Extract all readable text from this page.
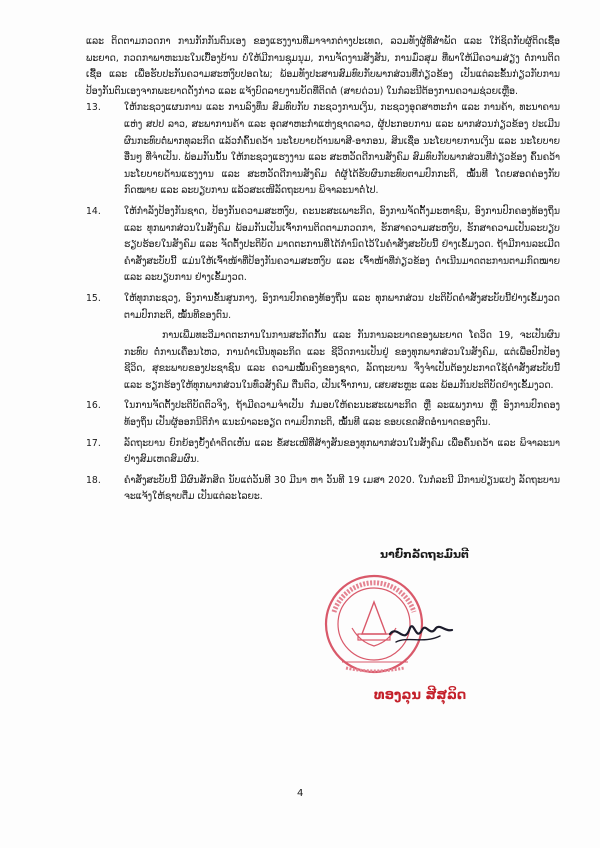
ແລະ ຕິດຕາມກວດກາ ການກັກກັນຕົນເອງ ຂອງແຮງງານທີ່ມາຈາກຕ່າງປະເທດ, ລວມທັງຜູ້ທີ່ສໍາພັດ ແລະ ໃກ້ຊິດກັບຜູ້ຕິດເຊື້ອພະຍາດ, ກວດກາພາຫະນະໃນເບື້ອງບ້ານ ບໍ່ໃຫ້ມີການຊຸມນຸມ, ການຈັດງານສັງສັນ, ການມົ່ວສຸມ ທີ່ພາໃຫ້ມີຄວາມສ່ຽງ ຕໍ່ການຕິດເຊື້ອ ແລະ ເພື່ອຮັບປະກັນຄວາມສະຫງົບປອດໄພ; ພ້ອມທັງປະສານສົມທົບກັບພາກສ່ວນທີ່ກ່ຽວຂ້ອງ ເປັນແຕ່ລະຂັ້ນກ່ຽວກັບການປ້ອງກັນຕົນເອງຈາກພະຍາດດັ່ງກ່າວ ແລະ ແຈ້ງບົດລາຍງານບັດທີ່ຕິດຕໍ່ (ສາຍດ່ວນ) ໃນກໍລະນີຕ້ອງການຄວາມຊ່ວຍເຫຼືອ.

13. ໃຫ້ກະຊວງແຜນການ ແລະ ການລົງທຶນ ສົມທົບກັບ ກະຊວງການເງິນ, ກະຊວງອຸດສາຫະກໍາ ແລະ ການຄ້າ, ທະນາຄານແຫ່ງ ສປປ ລາວ, ສະພາການຄ້າ ແລະ ອຸດສາຫະກໍາແຫ່ງຊາດລາວ, ຜູ້ປະກອບການ ແລະ ພາກສ່ວນກ່ຽວຂ້ອງ ປະເມີນຜົນກະທົບຕໍ່ພາກທຸລະກິດ ແລ້ວກໍ່ຄົ້ນຄວ້າ ນະໂຍບາຍດ້ານພາສີ-ອາກອນ, ສິນເຊື່ອ ນະໂຍບາຍການເງິນ ແລະ ນະໂຍບາຍອື່ນໆ ທີ່ຈໍາເປັນ. ພ້ອມກັນນັ້ນ ໃຫ້ກະຊວງແຮງງານ ແລະ ສະຫວັດດີການສັງຄົມ ສົມທົບກັບພາກສ່ວນທີ່ກ່ຽວຂ້ອງ ຄົ້ນຄວ້ານະໂຍບາຍດ້ານແຮງງານ ແລະ ສະຫວັດດີການສັງຄົມ ຕໍ່ຜູ້ໄດ້ຮັບຜົນກະທົບຕາມປົກກະຕິ, ໝັ້ນທີ ໂດຍສອດຄ່ອງກັບກົດໝາຍ ແລະ ລະບຽບການ ແລ້ວສະເໜີລັດຖະບານ ພິຈາລະນາຕໍ່ໄປ.
14. ໃຫ້ກໍາລັງປ້ອງກັນຊາດ, ປ້ອງກັນຄວາມສະຫງົບ, ຄະນະສະເພາະກິດ, ອົງການຈັດຕັ້ງມະຫາຊົນ, ອົງການປົກຄອງທ້ອງຖິ່ນ ແລະ ທຸກພາກສ່ວນໃນສັງຄົມ ພ້ອມກັນເປັນເຈົ້າການຕິດຕາມກວດກາ, ຮັກສາຄວາມສະຫງົບ, ຮັກສາຄວາມເປັນລະບຽບຮຽບຮ້ອຍໃນສັງຄົມ ແລະ ຈັດຕັ້ງປະຕິບັດ ມາດຕະການທີ່ໄດ້ກໍານົດໄວ້ໃນຄໍາສັ່ງສະບັບນີ້ ຢ່າງເຂັ້ມງວດ. ຖ້າມີການລະເມີດ ຄໍາສັ່ງສະບັບນີ້ ແມ່ນໃຫ້ເຈົ້າໜ້າທີ່ປ້ອງກັນຄວາມສະຫງົບ ແລະ ເຈົ້າໜ້າທີ່ກ່ຽວຂ້ອງ ດໍາເນີນມາດຕະການຕາມກົດໝາຍ ແລະ ລະບຽບການ ຢ່າງເຂັ້ມງວດ.
15. ໃຫ້ທຸກກະຊວງ, ອົງການຂັ້ນສູນກາງ, ອົງການປົກຄອງທ້ອງຖິ່ນ ແລະ ທຸກພາກສ່ວນ ປະຕິບັດຄໍາສັ່ງສະບັບນີ້ຢ່າງເຂັ້ມງວດ ຕາມປົກກະຕິ, ໝັ້ນທີຂອງຕົນ.

ການເພີ່ມທະວີມາດຕະການໃນການສະກັດກັ້ນ ແລະ ກັນການລະບາດຂອງພະຍາດ ໂຄວິດ 19, ຈະເປັນຜົນກະທົບ ຕໍ່ການເຄື່ອນໄຫວ, ການດໍາເນີນທຸລະກິດ ແລະ ຊີວິດການເປັນຢູ່ ຂອງທຸກພາກສ່ວນໃນສັງຄົມ, ແຕ່ເພື່ອປົກປ້ອງຊີວິດ, ສຸຂະພາບຂອງປະຊາຊົນ ແລະ ຄວາມໝັ້ນຄົງຂອງຊາດ, ລັດຖະບານ ຈຶ່ງຈໍາເປັນຕ້ອງປະກາດໃຊ້ຄໍາສັ່ງສະບັບນີ້ ແລະ ຮຽກຮ້ອງໃຫ້ທຸກພາກສ່ວນໃນທົ່ວສັງຄົມ ຕື່ນຕົວ, ເປັນເຈົ້າການ, ເສຍສະຫຼະ ແລະ ພ້ອມກັນປະຕິບັດຢ່າງເຂັ້ມງວດ.

16. ໃນການຈັດຕັ້ງປະຕິບັດຕົວຈິງ, ຖ້າມີຄວາມຈໍາເປັນ ກໍ່ມອບໃຫ້ຄະນະສະເພາະກິດ ຫຼື ລະແພງການ ຫຼື ອົງການປົກຄອງທ້ອງຖິ່ນ ເປັນຜູ້ອອກນິຕິກໍາ ແນະນໍາລະອຽດ ຕາມປົກກະຕິ, ໝັ້ນທີ ແລະ ຂອບເຂດສິດອໍານາດຂອງຕົນ.
17. ລັດຖະບານ ຍົກຍ້ອງຍັ້ງຄໍາຕິດເຫັນ ແລະ ຂໍ້ສະເໜີທີ່ສ້າງສັນຂອງທຸກພາກສ່ວນໃນສັງຄົມ ເພື່ອຄົ້ນຄວ້າ ແລະ ພິຈາລະນາ ຢ່າງສົມເຫດສົມຜົນ.
18. ຄໍາສັ່ງສະບັບນີ້ ມີຜົນສັກສິດ ນັບແຕ່ວັນທີ 30 ມີນາ ຫາ ວັນທີ 19 ເມສາ 2020. ໃນກໍລະນີ ມີການປ່ຽນແປງ ລັດຖະບານ ຈະແຈ້ງໃຫ້ຊາບຕື່ມ ເປັນແຕ່ລະໄລຍະ.
ນາຍົກລັດຖະມົນຕີ
ທອງລຸນ ສີສຸລິດ
4
